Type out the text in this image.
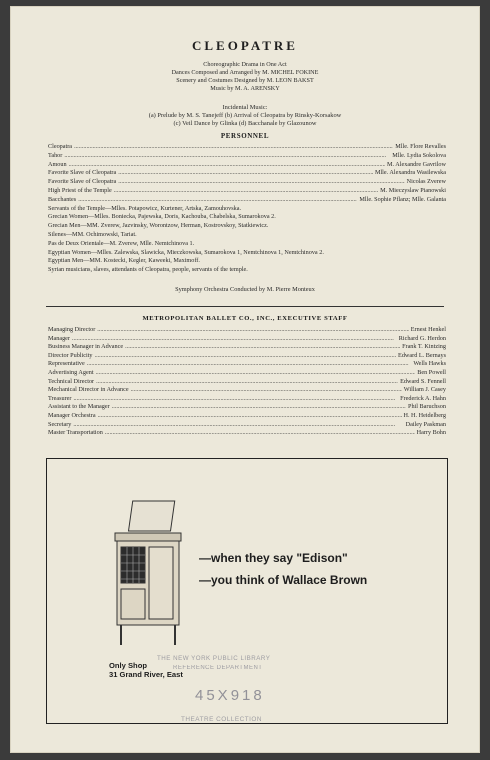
CLEOPATRE
Choreographic Drama in One Act
Dances Composed and Arranged by M. MICHEL FOKINE
Scenery and Costumes Designed by M. LEON BAKST
Music by M. A. ARENSKY
Incidental Music:
(a) Prelude by M. S. Tanejeff (b) Arrival of Cleopatra by Rinsky-Korsakow
(c) Veil Dance by Glinka (d) Bacchanale by Glazounow
PERSONNEL
Cleopatra .....	Mlle. Flore Revalles
Tahor .....	Mlle. Lydia Sokolova
Amoun .....	M. Alexandre Gavrilow
Favorite Slave of Cleopatra .....	Mlle. Alexandra Wasilewska
Favorite Slave of Cleopatra .....	Nicolas Zverew
High Priest of the Temple .....	M. Mieczyslaw Pianowski
Bacchantes .....	Mlle. Sophie Pflanz; Mlle. Galanta
Servants of the Temple—Mlles. Potapowicz, Kurtener, Artska, Zamouhovska.
Grecian Women—Mlles. Boniecka, Pajewska, Doris, Kachouba, Chabelska, Sumarokova 2.
Grecian Men—MM. Zverew, Jazvinsky, Worontzow, Herman, Kostrovskoy, Statkiewicz.
Silenes—MM. Ochimowski, Tariat.
Pas de Deux Orientale—M. Zverew, Mlle. Nemtchinova 1.
Egyptian Women—Mlles. Zalewska, Slawicka, Mieczkowska, Sumarokova 1, Nemtchinova 1, Nemtchinova 2.
Egyptian Men—MM. Kostecki, Kegler, Kaweeki, Maximoff.
Syrian musicians, slaves, attendants of Cleopatra, people, servants of the temple.
Symphony Orchestra Conducted by M. Pierre Monteux
METROPOLITAN BALLET CO., INC., EXECUTIVE STAFF
Managing Director .....	Ernest Henkel
Manager .....	Richard G. Herdon
Business Manager in Advance .....	Frank T. Kintzing
Director Publicity .....	Edward L. Bernays
Representative .....	Wells Hawks
Advertising Agent .....	Ben Powell
Technical Director .....	Edward S. Fennell
Mechanical Director in Advance .....	William J. Casey
Treasurer .....	Frederick A. Hahn
Assistant to the Manager .....	Phil Baruchson
Manager Orchestra .....	H. H. Heidelberg
Secretary .....	Dailey Paskman
Master Transportation .....	Harry Bohn
—when they say "Edison"
—you think of Wallace Brown
Only Shop
31 Grand River, East
THE NEW YORK PUBLIC LIBRARY
REFERENCE DEPARTMENT
45X918
THEATRE COLLECTION
